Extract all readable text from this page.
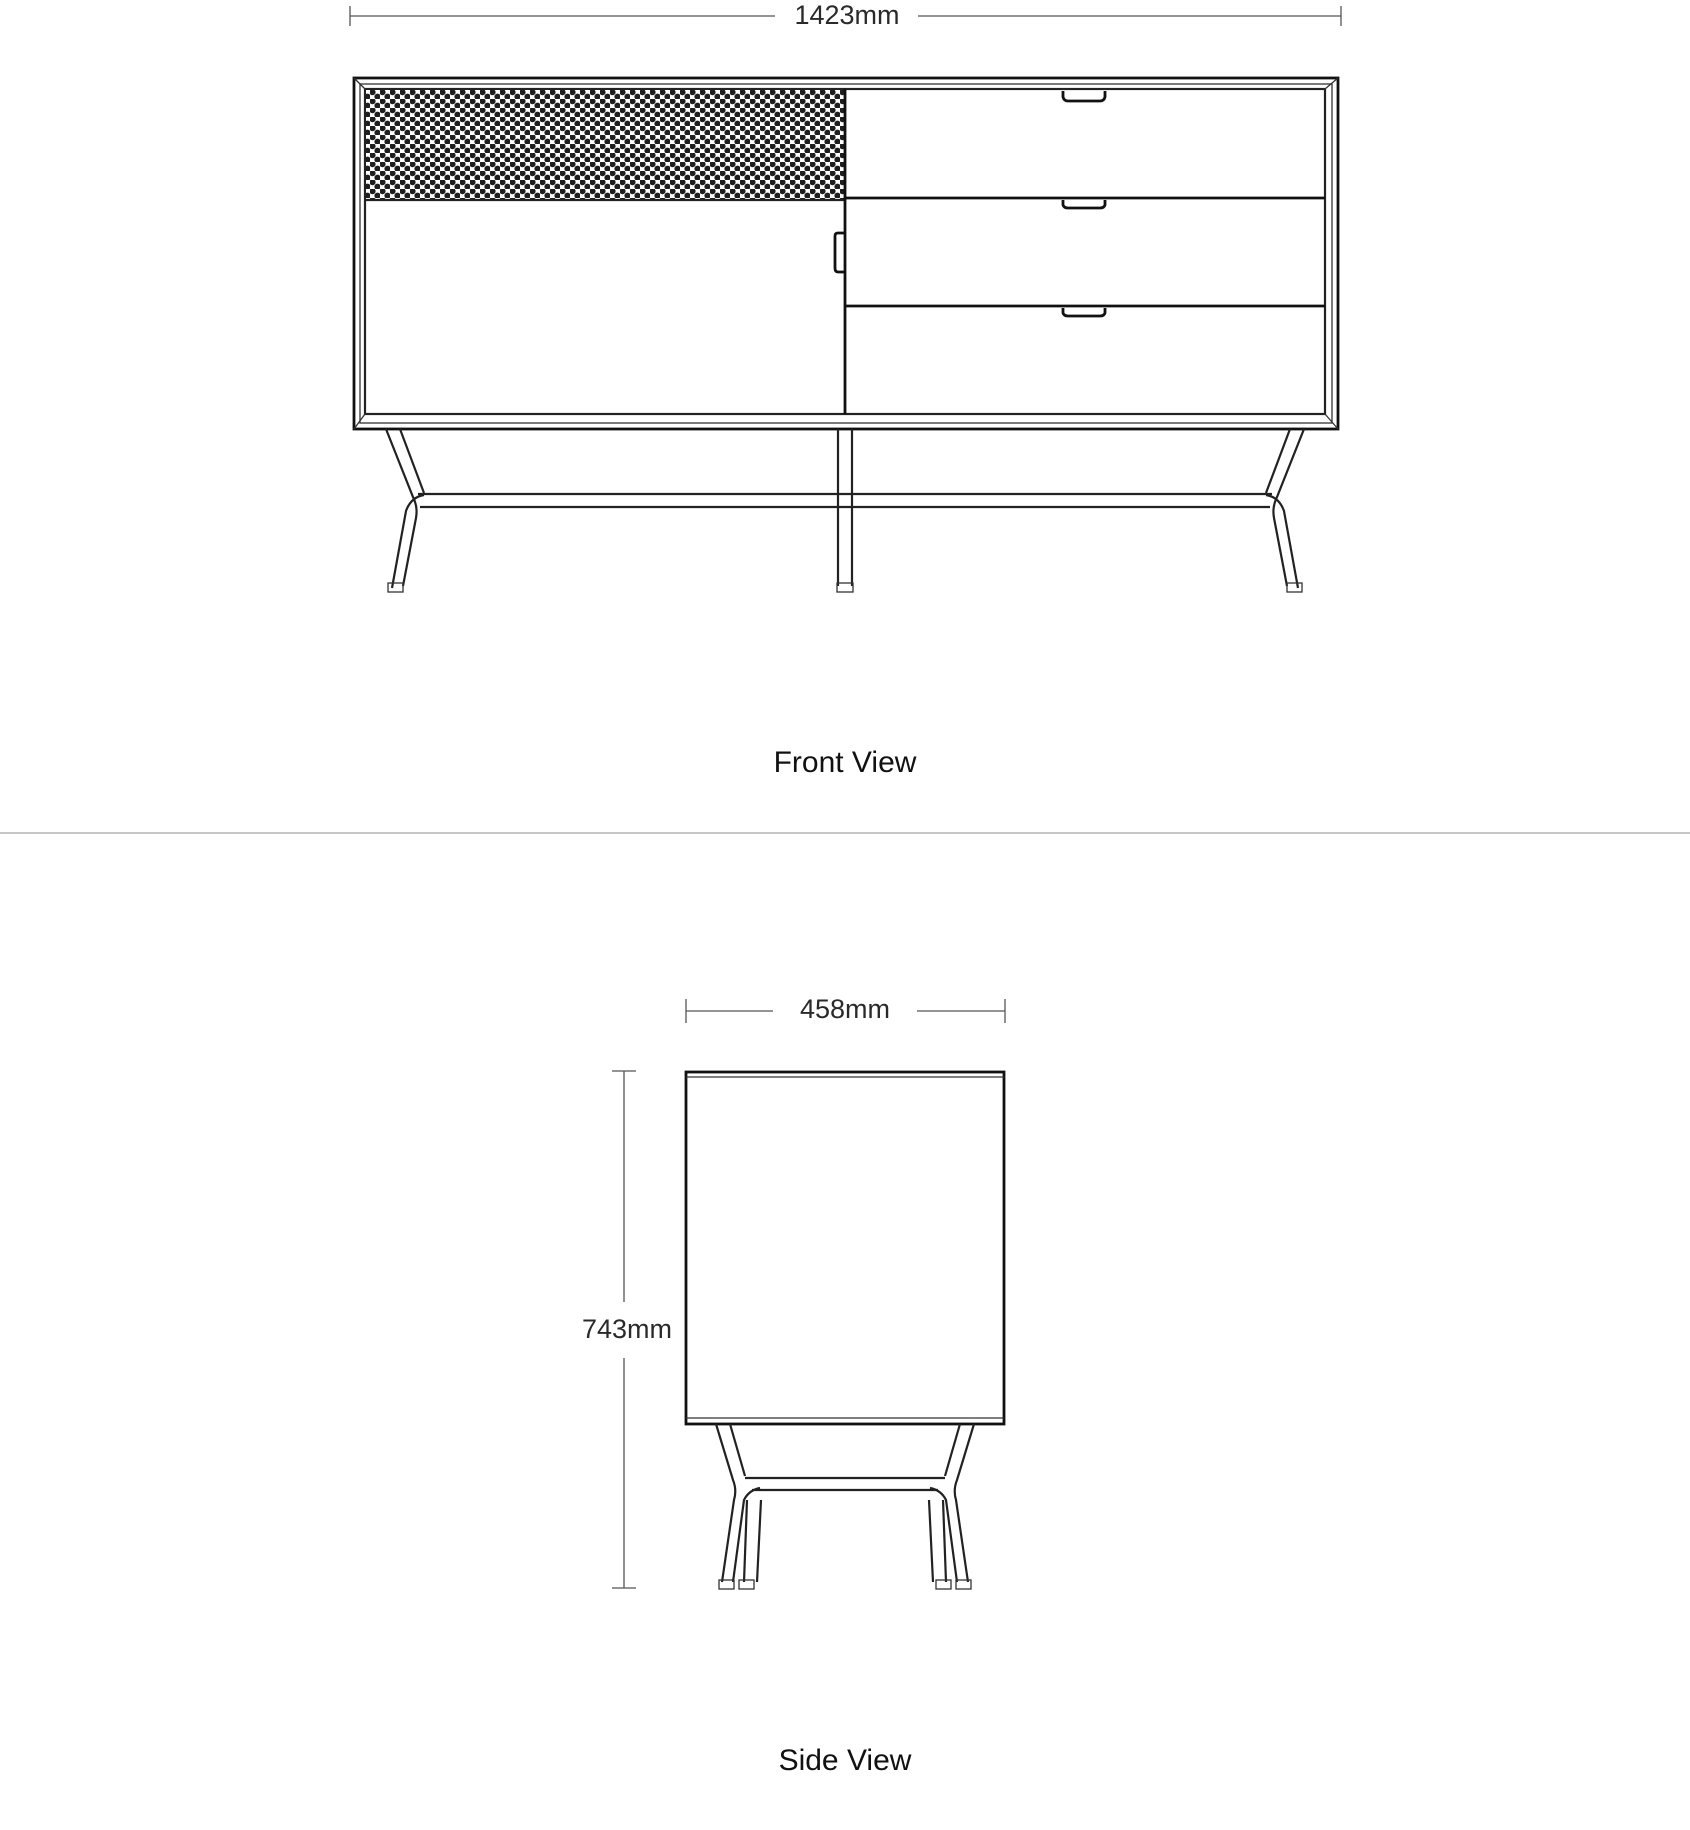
1423mm
Front View
458mm
743mm
Side View
